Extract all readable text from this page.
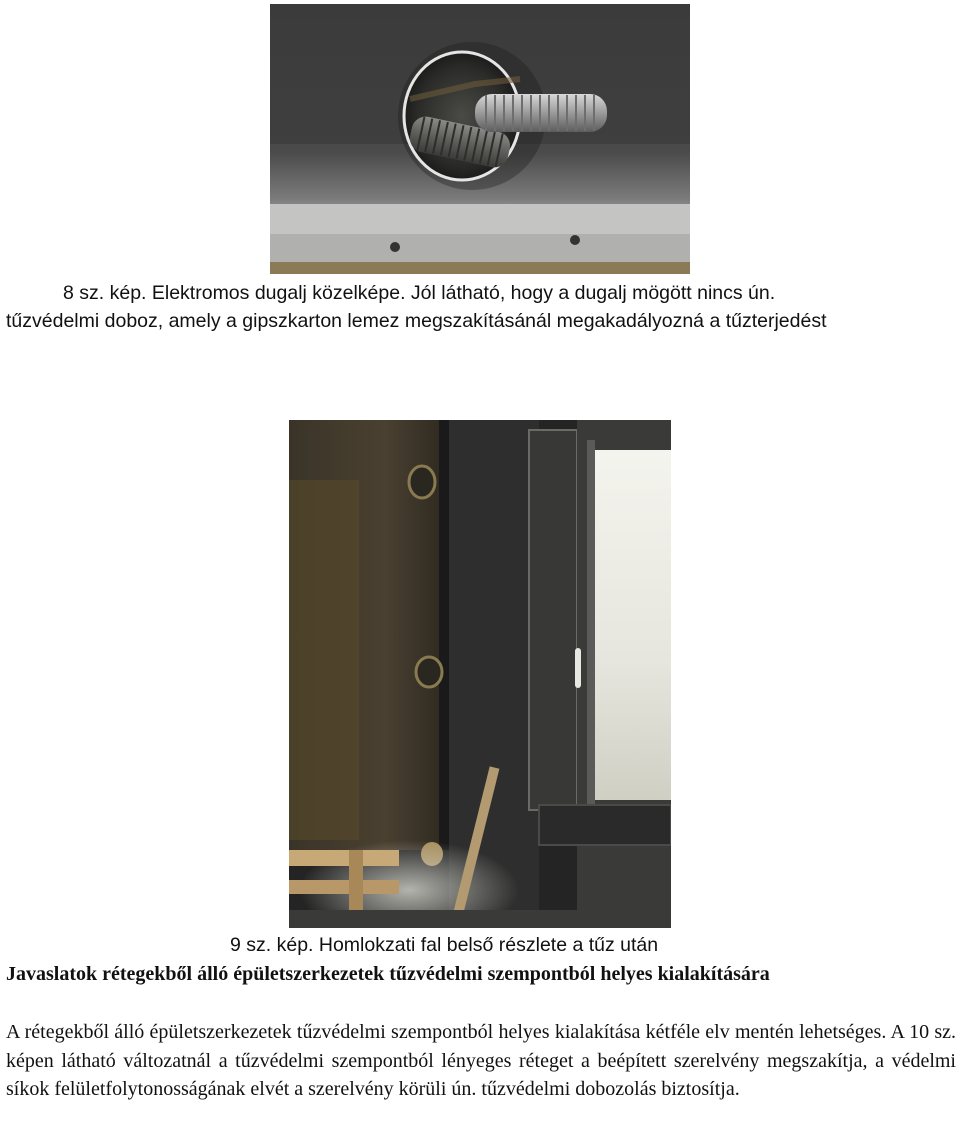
8 sz. kép. Elektromos dugalj közelképe. Jól látható, hogy a dugalj mögött nincs ún.
tűzvédelmi doboz, amely a gipszkarton lemez megszakításánál megakadályozná a tűzterjedést
9 sz. kép. Homlokzati fal belső részlete a tűz után
Javaslatok rétegekből álló épületszerkezetek tűzvédelmi szempontból helyes kialakítására
A rétegekből álló épületszerkezetek tűzvédelmi szempontból helyes kialakítása kétféle elv mentén lehetséges. A 10 sz. képen látható változatnál a tűzvédelmi szempontból lényeges réteget a beépített szerelvény megszakítja, a védelmi síkok felületfolytonosságának elvét a szerelvény körüli ún. tűzvédelmi dobozolás biztosítja.
